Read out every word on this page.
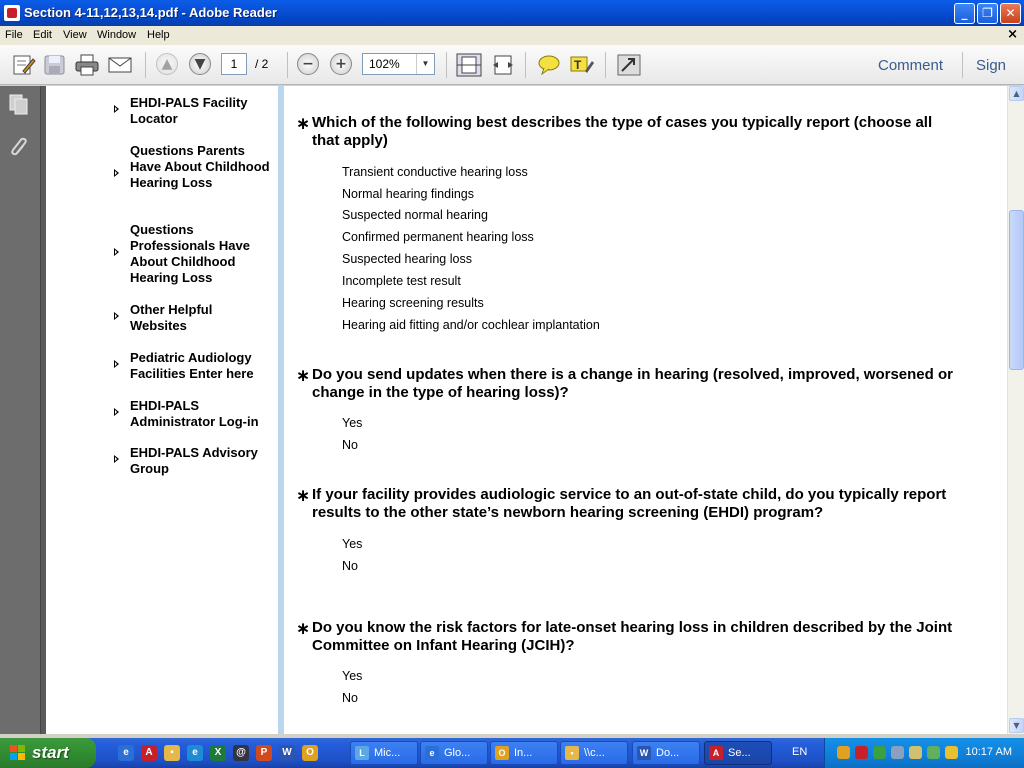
Section 4-11,12,13,14.pdf - Adobe Reader	_	❐	✕
File Edit View Window Help	×
▲	▼	−	+	T
1	/ 2	102%	▼	Comment Sign
EHDI-PALS Facility Locator
Questions Parents Have About Childhood Hearing Loss
Questions Professionals Have About Childhood Hearing Loss
Other Helpful Websites
Pediatric Audiology Facilities Enter here
EHDI-PALS Administrator Log-in
EHDI-PALS Advisory Group
∗ Which of the following best describes the type of cases you typically report (choose all that apply)
Transient conductive hearing loss
Normal hearing findings
Suspected normal hearing
Confirmed permanent hearing loss
Suspected hearing loss
Incomplete test result
Hearing screening results
Hearing aid fitting and/or cochlear implantation
∗ Do you send updates when there is a change in hearing (resolved, improved, worsened or change in the type of hearing loss)?
Yes
No
∗ If your facility provides audiologic service to an out-of-state child, do you typically report results to the other state’s newborn hearing screening (EHDI) program?
Yes
No
∗ Do you know the risk factors for late-onset hearing loss in children described by the Joint Committee on Infant Hearing (JCIH)?
Yes
No
▲
▼
start	e	A	▪	e	X	@	P	W	O	L Mic...	e Glo...	O In...	▪ \\c...	W Do...	A Se...	EN	10:17 AM
